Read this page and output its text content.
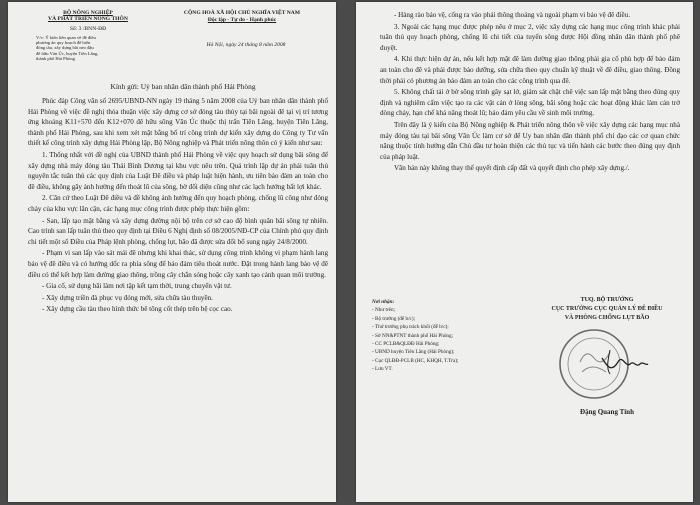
BỘ NÔNG NGHIỆP
VÀ PHÁT TRIỂN NÔNG THÔN
Số: 3 /BNN-ĐĐ
V/v: Ý kiến liên quan về đê điều
phương án quy hoạch đê biến
đóng tàu, xây dựng bãi neo đậu
đê hữu Văn Úc, huyện Tiên Lãng,
thành phố Hải Phòng
CỘNG HOÀ XÃ HỘI CHỦ NGHĨA VIỆT NAM
Độc lập - Tự do - Hạnh phúc
Hà Nội, ngày 24 tháng 8 năm 2008
Kính gửi: Uỷ ban nhân dân thành phố Hải Phòng

Phúc đáp Công văn số 2695/UBND-NN ngày 19 tháng 5 năm 2008 của Uỷ ban nhân dân thành phố Hải Phòng về việc đề nghị thỏa thuận việc xây dựng cơ sở đóng tàu thủy tại bãi ngoài đê tại vị trí tương ứng khoảng K11+570 đến K12+070 đê hữu sông Văn Úc thuộc thị trấn Tiên Lãng, huyện Tiên Lãng, thành phố Hải Phòng, sau khi xem xét mặt bằng bố trí công trình dự kiến xây dựng do Công ty Tư vấn thiết kế công trình xây dựng Hải Phòng lập, Bộ Nông nghiệp và Phát triển nông thôn có ý kiến như sau:

1. Thống nhất với đề nghị của UBND thành phố Hải Phòng về việc quy hoạch sử dụng bãi sông để xây dựng nhà máy đóng tàu Thái Bình Dương tại khu vực nêu trên. Quá trình lập dự án phải tuân thủ nguyên tắc tuân thủ các quy định của Luật Đê điều và pháp luật hiện hành, ưu tiên bảo đảm an toàn cho đê điều, không gây ảnh hưởng đến thoát lũ của sông, bờ đối diện cũng như các lạch hướng bất lợi khác.

2. Căn cứ theo Luật Đê điều và đề không ảnh hưởng đến quy hoạch phòng, chống lũ công như đóng chảy của khu vực lân cận, các hạng mục công trình được phép thực hiện gồm:

- San, lấp tạo mặt bằng và xây dựng đường nội bộ trên cơ sở cao độ bình quân bãi sông tự nhiên. Cao trình san lấp tuân thủ theo quy định tại Điều 6 Nghị định số 08/2005/NĐ-CP của Chính phủ quy định chi tiết một số Điều của Pháp lệnh phòng, chống lụt, bão đã được sửa đổi bổ sung ngày 24/8/2000.

- Phạm vi san lấp vào sát mái đê nhưng khi khai thác, sử dụng công trình không vi phạm hành lang bảo vệ đê điều và có hướng dốc ra phía sông để bảo đảm tiêu thoát nước. Đặt trong hành lang bảo vệ đê điều có thể kết hợp làm đường giao thông, trồng cây chắn sóng hoặc cây xanh tạo cảnh quan môi trường.

- Gia cố, sử dụng bãi làm nơi tập kết tạm thời, trung chuyển vật tư.

- Xây dựng triền đà phục vụ đóng mới, sửa chữa tàu thuyền.

- Xây dựng cầu tàu theo hình thức bê tông cốt thép trên bệ cọc cao.

- Hàng rào bảo vệ, cổng ra vào phải thông thoáng và ngoài phạm vi bảo vệ đê điều.

3. Ngoài các hạng mục được phép nêu ở mục 2, việc xây dựng các hạng mục công trình khác phải tuân thủ quy hoạch phòng, chống lũ chi tiết của tuyến sông được Hội đồng nhân dân thành phố phê duyệt.

4. Khi thực hiện dự án, nếu kết hợp mặt đê làm đường giao thông phải gia cố phù hợp để bảo đảm an toàn cho đê và phải được bảo dưỡng, sửa chữa theo quy chuẩn kỹ thuật về đê điều, giao thông. Đồng thời phải có phương án bảo đảm an toàn cho các công trình qua đê.

5. Không chất tải ở bờ sông trình gây sạt lở, giám sát chặt chẽ việc san lấp mặt bằng theo đúng quy định và nghiêm cấm việc tạo ra các vật cản ở lòng sông, bãi sông hoặc các hoạt động khác làm cản trở dòng chảy, hạn chế khả năng thoát lũ; bảo đảm yêu cầu về sinh môi trường.

Trên đây là ý kiến của Bộ Nông nghiệp & Phát triển nông thôn về việc xây dựng các hạng mục nhà máy đóng tàu tại bãi sông Văn Úc làm cơ sở để Uy ban nhân dân thành phố chỉ đạo các cơ quan chức năng thuộc tỉnh hướng dẫn Chủ đầu tư hoàn thiện các thủ tục và tiến hành các bước theo đúng quy định của pháp luật.

Văn bản này không thay thế quyết định cấp đất và quyết định cho phép xây dựng./.

Nơi nhận:
- Như trên;
- Bộ trưởng (để b/c);
- Thứ trưởng phụ trách khối (để b/c);
- Sở NN&PTNT thành phố Hải Phòng;
- CC PCLB&QLĐĐ Hải Phòng;
- UBND huyện Tiên Lãng (Hải Phòng);
- Cục QLĐĐ-PCLB (HC, KHQH, T.Tra);
- Lưu VT.
TUQ. BỘ TRƯỞNG
CỤC TRƯỞNG CỤC QUẢN LÝ ĐÊ ĐIỀU
VÀ PHÒNG CHỐNG LỤT BÃO
Đặng Quang Tính
